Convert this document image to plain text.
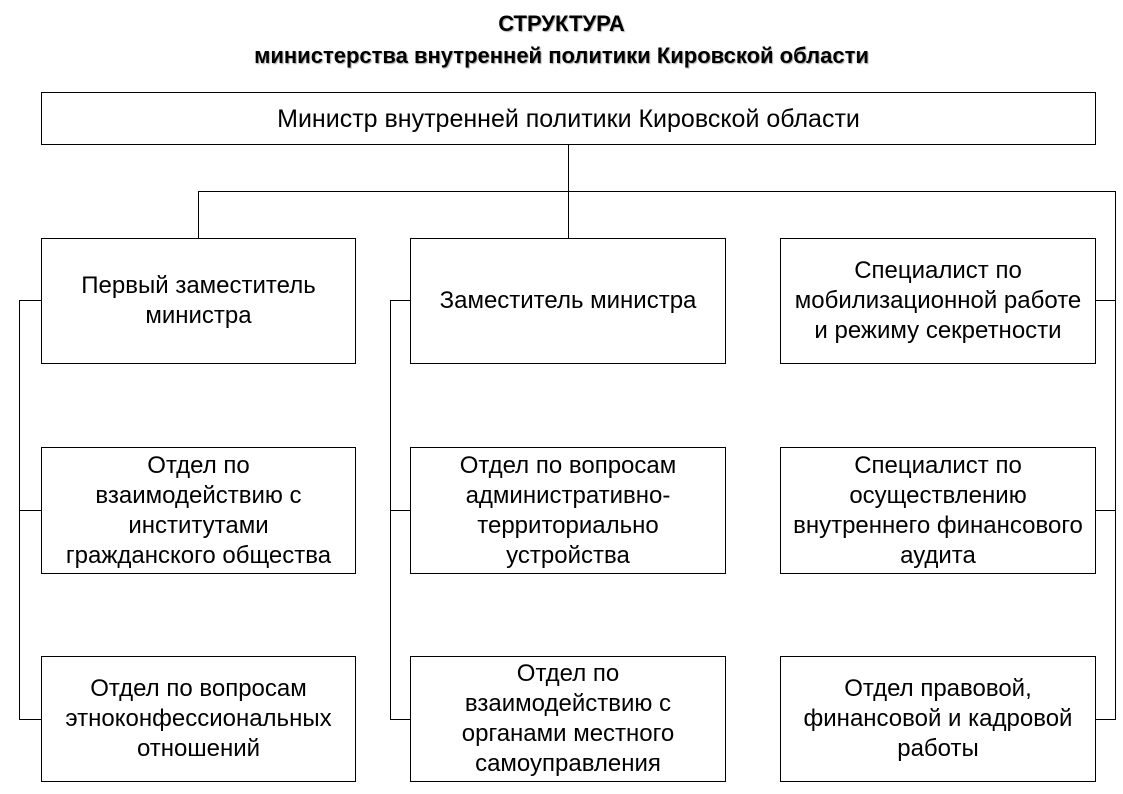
СТРУКТУРА
министерства внутренней политики Кировской области
Министр внутренней политики Кировской области
Первый заместитель министра
Заместитель министра
Специалист по мобилизационной работе и режиму секретности
Отдел по взаимодействию с институтами гражданского общества
Отдел по вопросам административно-территориально устройства
Специалист по осуществлению внутреннего финансового аудита
Отдел по вопросам этноконфессиональных отношений
Отдел по взаимодействию с органами местного самоуправления
Отдел правовой, финансовой и кадровой работы
